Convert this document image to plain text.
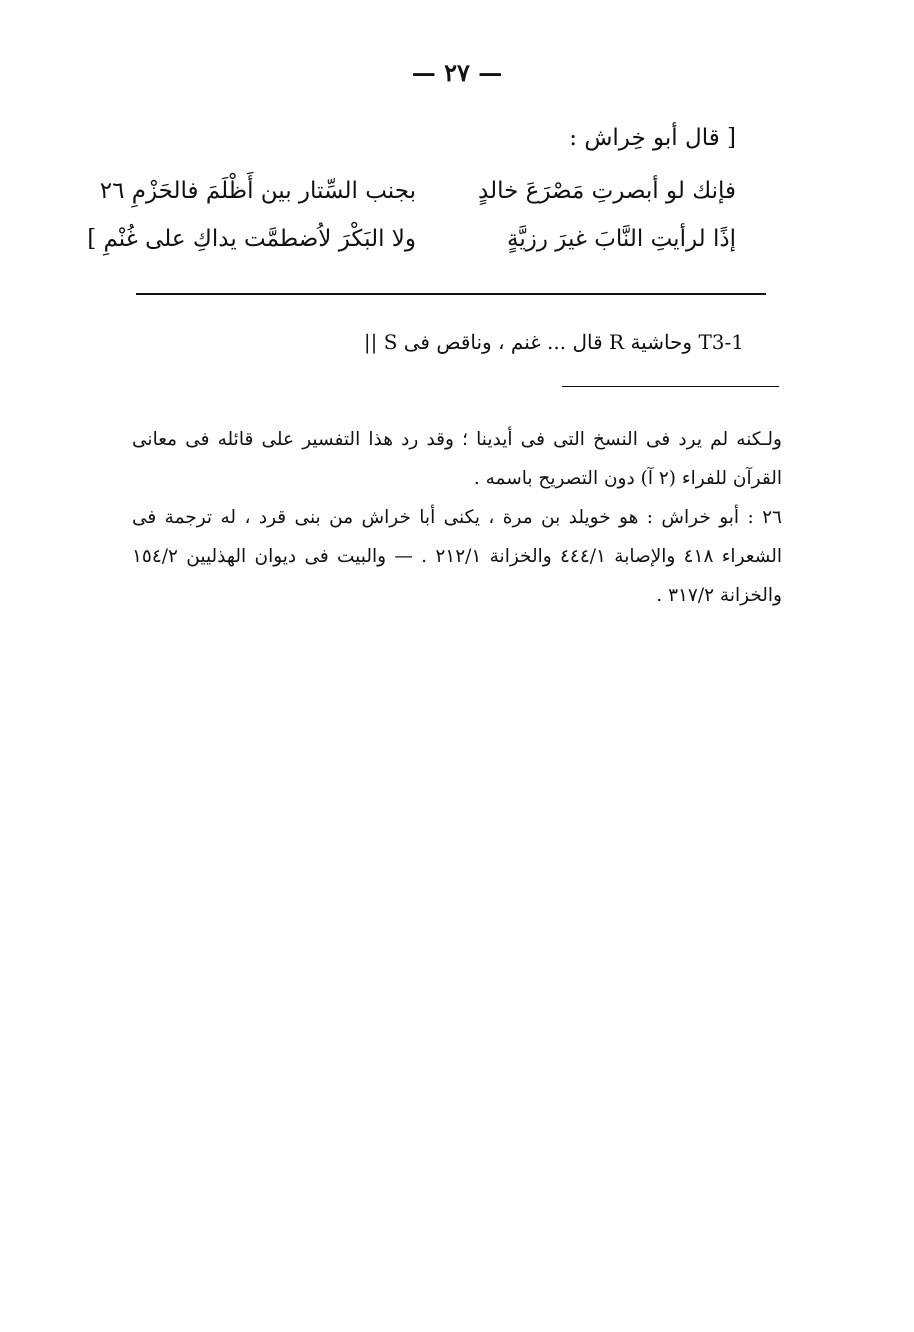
— ٢٧ —
[ قال أبو خِراش :
فإنك لو أبصرتِ مَصْرَعَ خالدٍ
بجنب السِّتار بين أَظْلَمَ فالحَزْمِ ٢٦
إذًا لرأيتِ النَّابَ غيرَ رزيَّةٍ
ولا البَكْرَ لاُضطمَّت يداكِ على غُنْمِ ]
T3-1 وحاشية R قال ... غنم ، وناقص فى S ||

ولـكنه لم يرد فى النسخ التى فى أيدينا ؛ وقد رد هذا التفسير على قائله فى معانى القرآن للفراء (٢ آ) دون التصريح باسمه .

٢٦ : أبو خراش : هو خويلد بن مرة ، يكنى أبا خراش من بنى قرد ، له ترجمة فى الشعراء ٤١٨ والإصابة ٤٤٤/١ والخزانة ٢١٢/١ . — والبيت فى ديوان الهذليين ١٥٤/٢ والخزانة ٣١٧/٢ .
